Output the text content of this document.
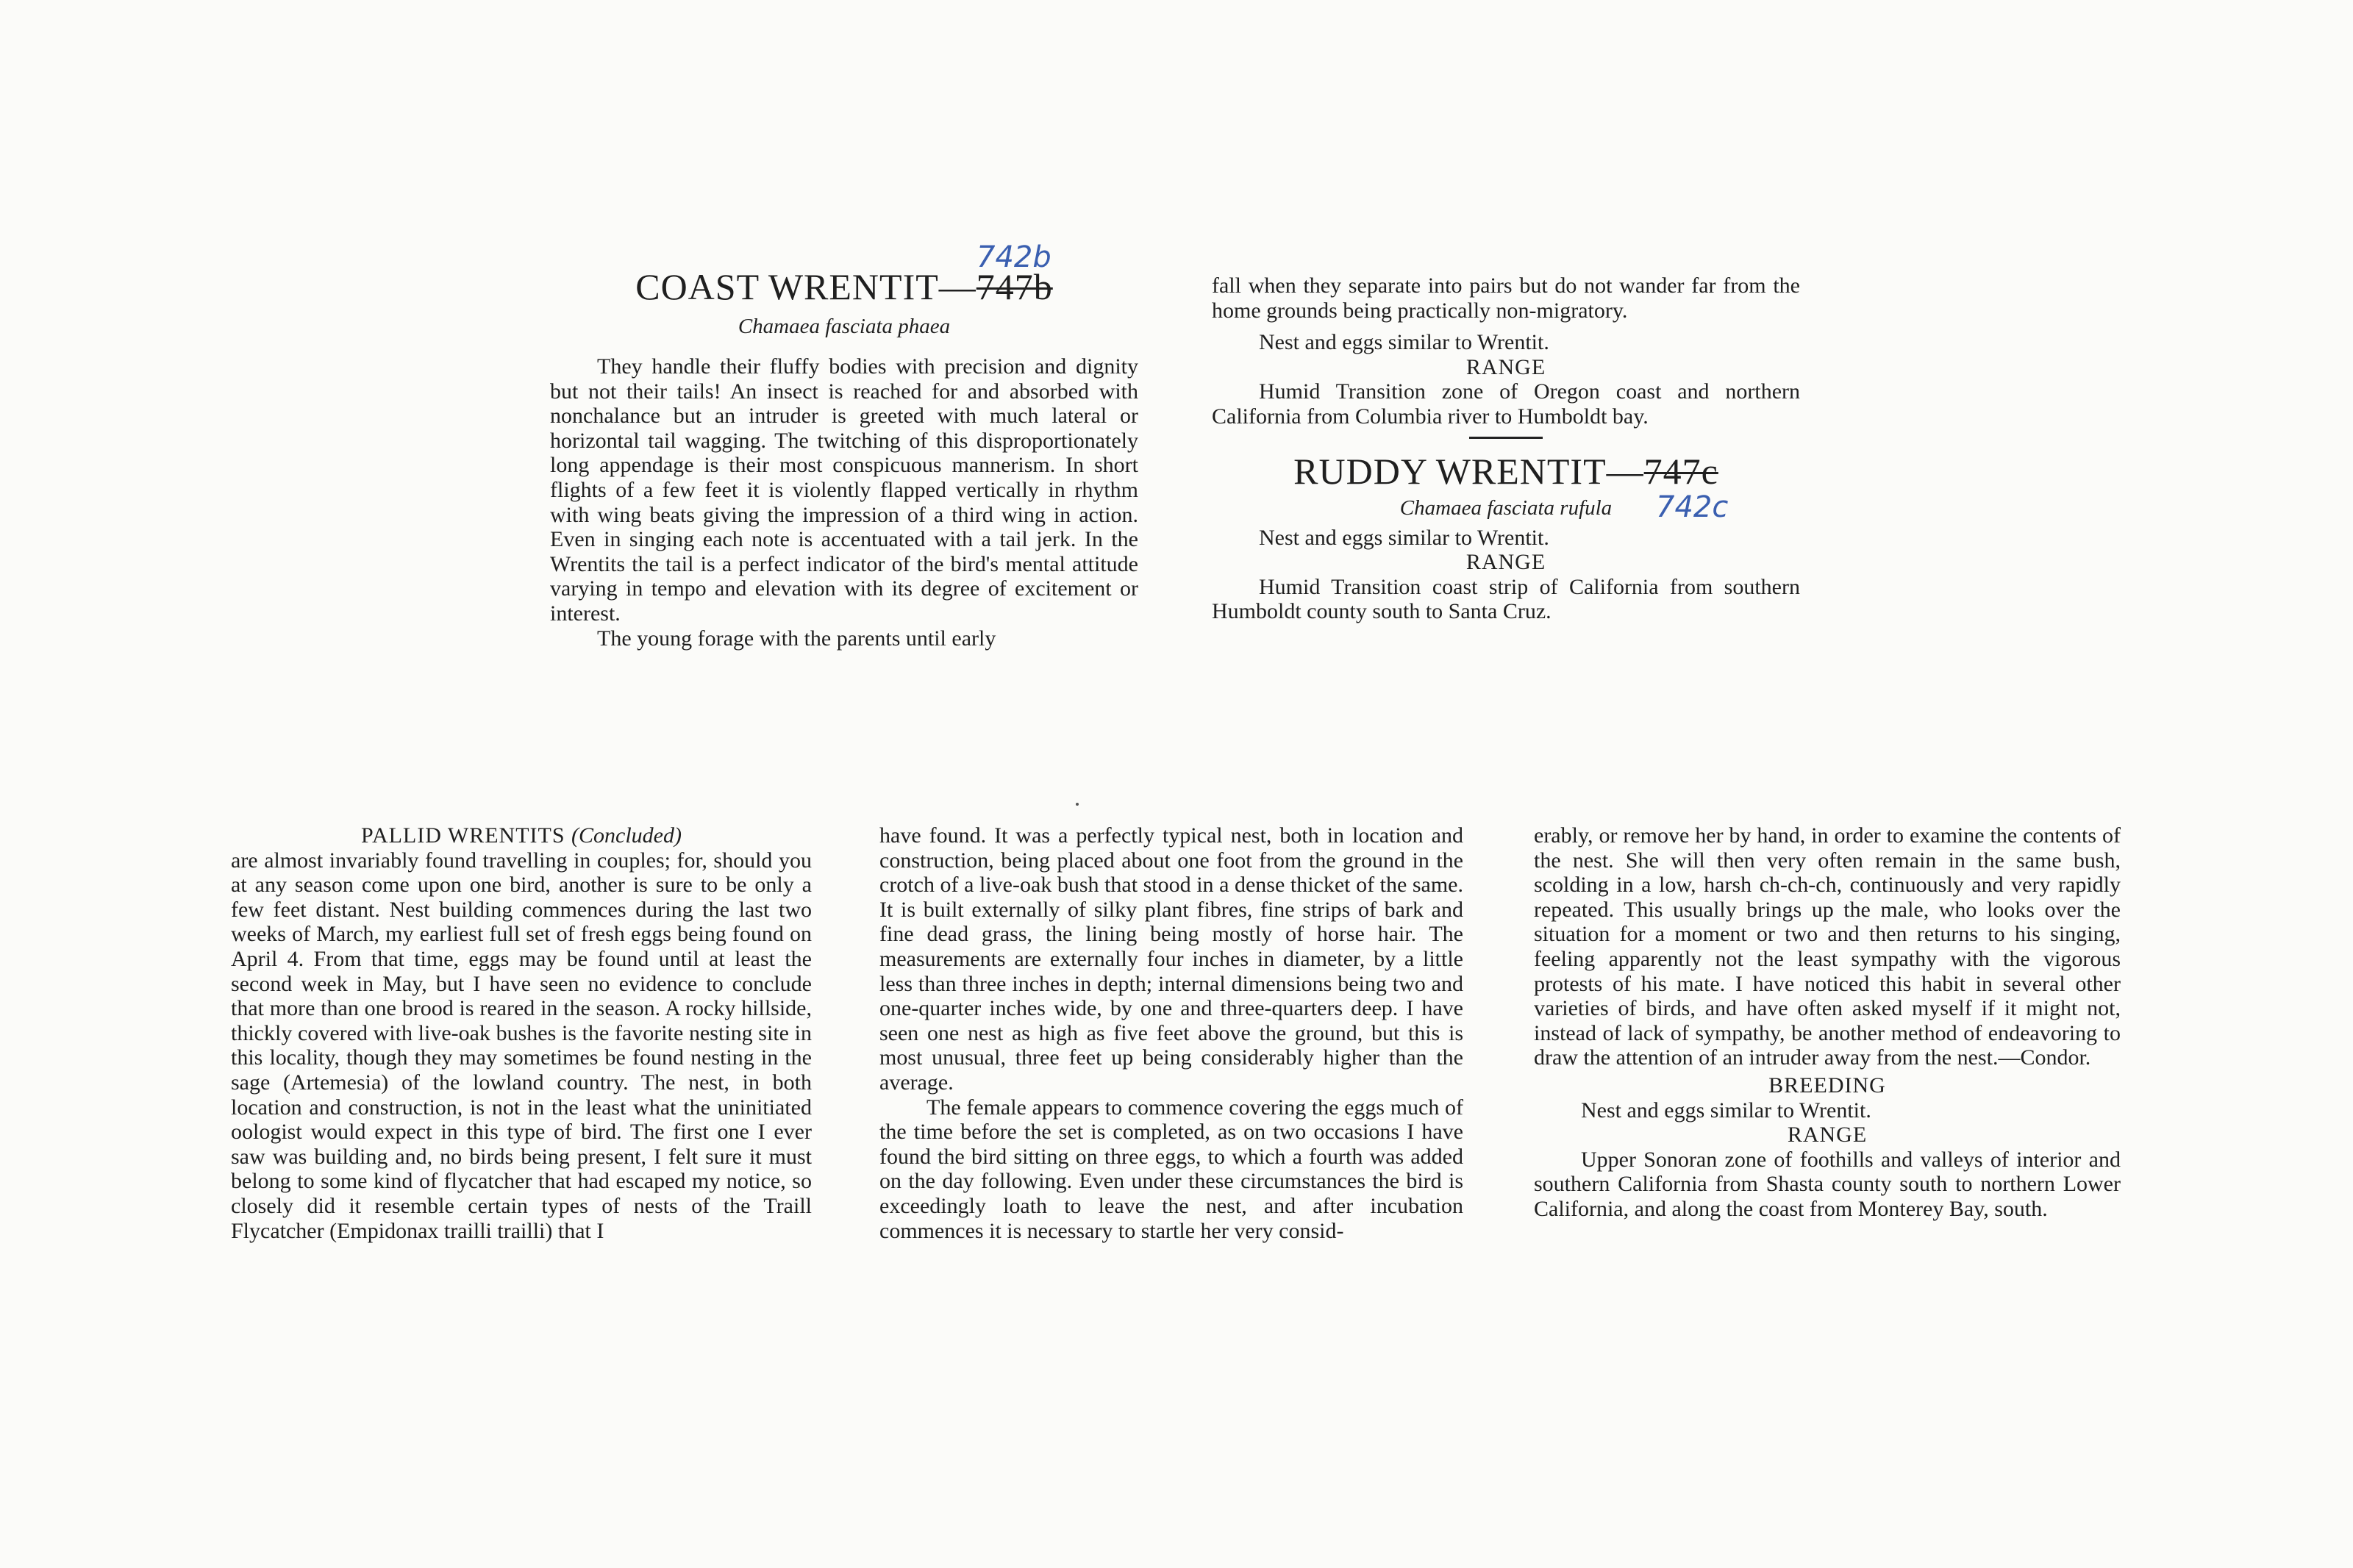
COAST WRENTIT—747b
Chamaea fasciata phaea

They handle their fluffy bodies with precision and dignity but not their tails! An insect is reached for and absorbed with nonchalance but an intruder is greeted with much lateral or horizontal tail wagging. The twitching of this disproportionately long appendage is their most conspicuous mannerism. In short flights of a few feet it is violently flapped vertically in rhythm with wing beats giving the impression of a third wing in action. Even in singing each note is accentuated with a tail jerk. In the Wrentits the tail is a perfect indicator of the bird's mental attitude varying in tempo and elevation with its degree of excitement or interest.

The young forage with the parents until early

742b

fall when they separate into pairs but do not wander far from the home grounds being practically non-migratory.

Nest and eggs similar to Wrentit.

RANGE

Humid Transition zone of Oregon coast and northern California from Columbia river to Humboldt bay.

RUDDY WRENTIT—747c
Chamaea fasciata rufula

Nest and eggs similar to Wrentit.

RANGE

Humid Transition coast strip of California from southern Humboldt county south to Santa Cruz.

742c
PALLID WRENTITS (Concluded)

are almost invariably found travelling in couples; for, should you at any season come upon one bird, another is sure to be only a few feet distant. Nest building commences during the last two weeks of March, my earliest full set of fresh eggs being found on April 4. From that time, eggs may be found until at least the second week in May, but I have seen no evidence to conclude that more than one brood is reared in the season. A rocky hillside, thickly covered with live-oak bushes is the favorite nesting site in this locality, though they may sometimes be found nesting in the sage (Artemesia) of the lowland country. The nest, in both location and construction, is not in the least what the uninitiated oologist would expect in this type of bird. The first one I ever saw was building and, no birds being present, I felt sure it must belong to some kind of flycatcher that had escaped my notice, so closely did it resemble certain types of nests of the Traill Flycatcher (Empidonax trailli trailli) that I

have found. It was a perfectly typical nest, both in location and construction, being placed about one foot from the ground in the crotch of a live-oak bush that stood in a dense thicket of the same. It is built externally of silky plant fibres, fine strips of bark and fine dead grass, the lining being mostly of horse hair. The measurements are externally four inches in diameter, by a little less than three inches in depth; internal dimensions being two and one-quarter inches wide, by one and three-quarters deep. I have seen one nest as high as five feet above the ground, but this is most unusual, three feet up being considerably higher than the average.

The female appears to commence covering the eggs much of the time before the set is completed, as on two occasions I have found the bird sitting on three eggs, to which a fourth was added on the day following. Even under these circumstances the bird is exceedingly loath to leave the nest, and after incubation commences it is necessary to startle her very consid-

erably, or remove her by hand, in order to examine the contents of the nest. She will then very often remain in the same bush, scolding in a low, harsh ch-ch-ch, continuously and very rapidly repeated. This usually brings up the male, who looks over the situation for a moment or two and then returns to his singing, feeling apparently not the least sympathy with the vigorous protests of his mate. I have noticed this habit in several other varieties of birds, and have often asked myself if it might not, instead of lack of sympathy, be another method of endeavoring to draw the attention of an intruder away from the nest.—Condor.

BREEDING

Nest and eggs similar to Wrentit.

RANGE

Upper Sonoran zone of foothills and valleys of interior and southern California from Shasta county south to northern Lower California, and along the coast from Monterey Bay, south.
